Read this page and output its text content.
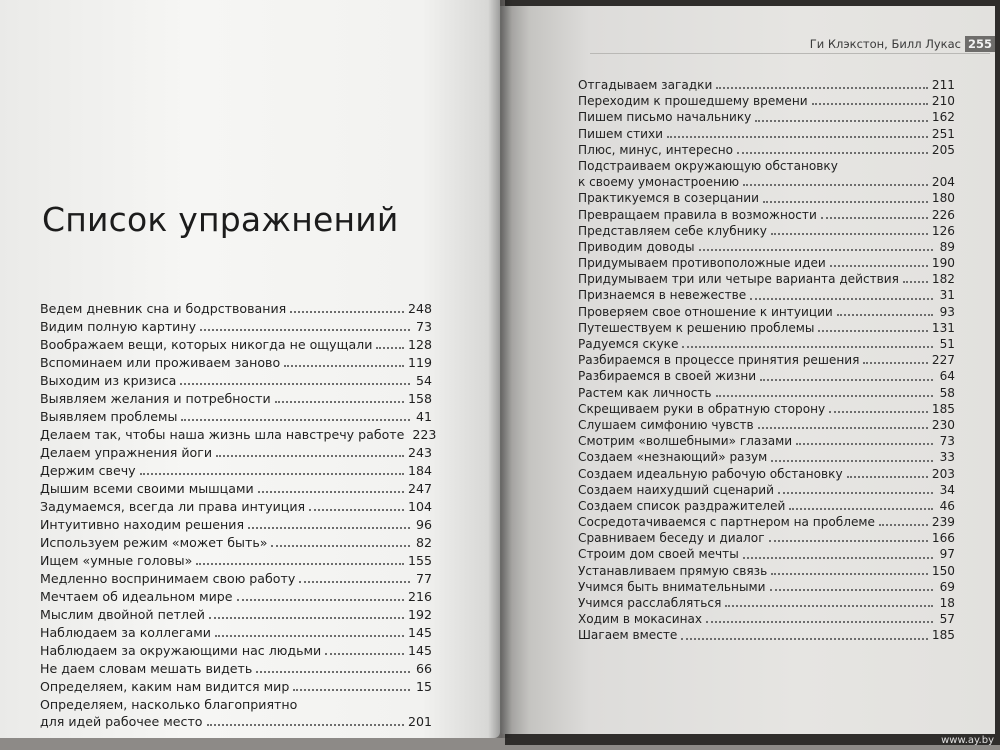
Список упражнений
Ведем дневник сна и бодрствования	248
Видим полную картину	73
Воображаем вещи, которых никогда не ощущали	128
Вспоминаем или проживаем заново	119
Выходим из кризиса	54
Выявляем желания и потребности	158
Выявляем проблемы	41
Делаем так, чтобы наша жизнь шла навстречу работе 223
Делаем упражнения йоги	243
Держим свечу	184
Дышим всеми своими мышцами	247
Задумаемся, всегда ли права интуиция	104
Интуитивно находим решения	96
Используем режим «может быть»	82
Ищем «умные головы»	155
Медленно воспринимаем свою работу	77
Мечтаем об идеальном мире	216
Мыслим двойной петлей	192
Наблюдаем за коллегами	145
Наблюдаем за окружающими нас людьми	145
Не даем словам мешать видеть	66
Определяем, каким нам видится мир	15
Определяем, насколько благоприятно
для идей рабочее место	201
Ги Клэкстон, Билл Лукас 255
Отгадываем загадки	211
Переходим к прошедшему времени	210
Пишем письмо начальнику	162
Пишем стихи	251
Плюс, минус, интересно	205
Подстраиваем окружающую обстановку
к своему умонастроению	204
Практикуемся в созерцании	180
Превращаем правила в возможности	226
Представляем себе клубнику	126
Приводим доводы	89
Придумываем противоположные идеи	190
Придумываем три или четыре варианта действия	182
Признаемся в невежестве	31
Проверяем свое отношение к интуиции	93
Путешествуем к решению проблемы	131
Радуемся скуке	51
Разбираемся в процессе принятия решения	227
Разбираемся в своей жизни	64
Растем как личность	58
Скрещиваем руки в обратную сторону	185
Слушаем симфонию чувств	230
Смотрим «волшебными» глазами	73
Создаем «незнающий» разум	33
Создаем идеальную рабочую обстановку	203
Создаем наихудший сценарий	34
Создаем список раздражителей	46
Сосредотачиваемся с партнером на проблеме	239
Сравниваем беседу и диалог	166
Строим дом своей мечты	97
Устанавливаем прямую связь	150
Учимся быть внимательными	69
Учимся расслабляться	18
Ходим в мокасинах	57
Шагаем вместе	185
www.ay.by
